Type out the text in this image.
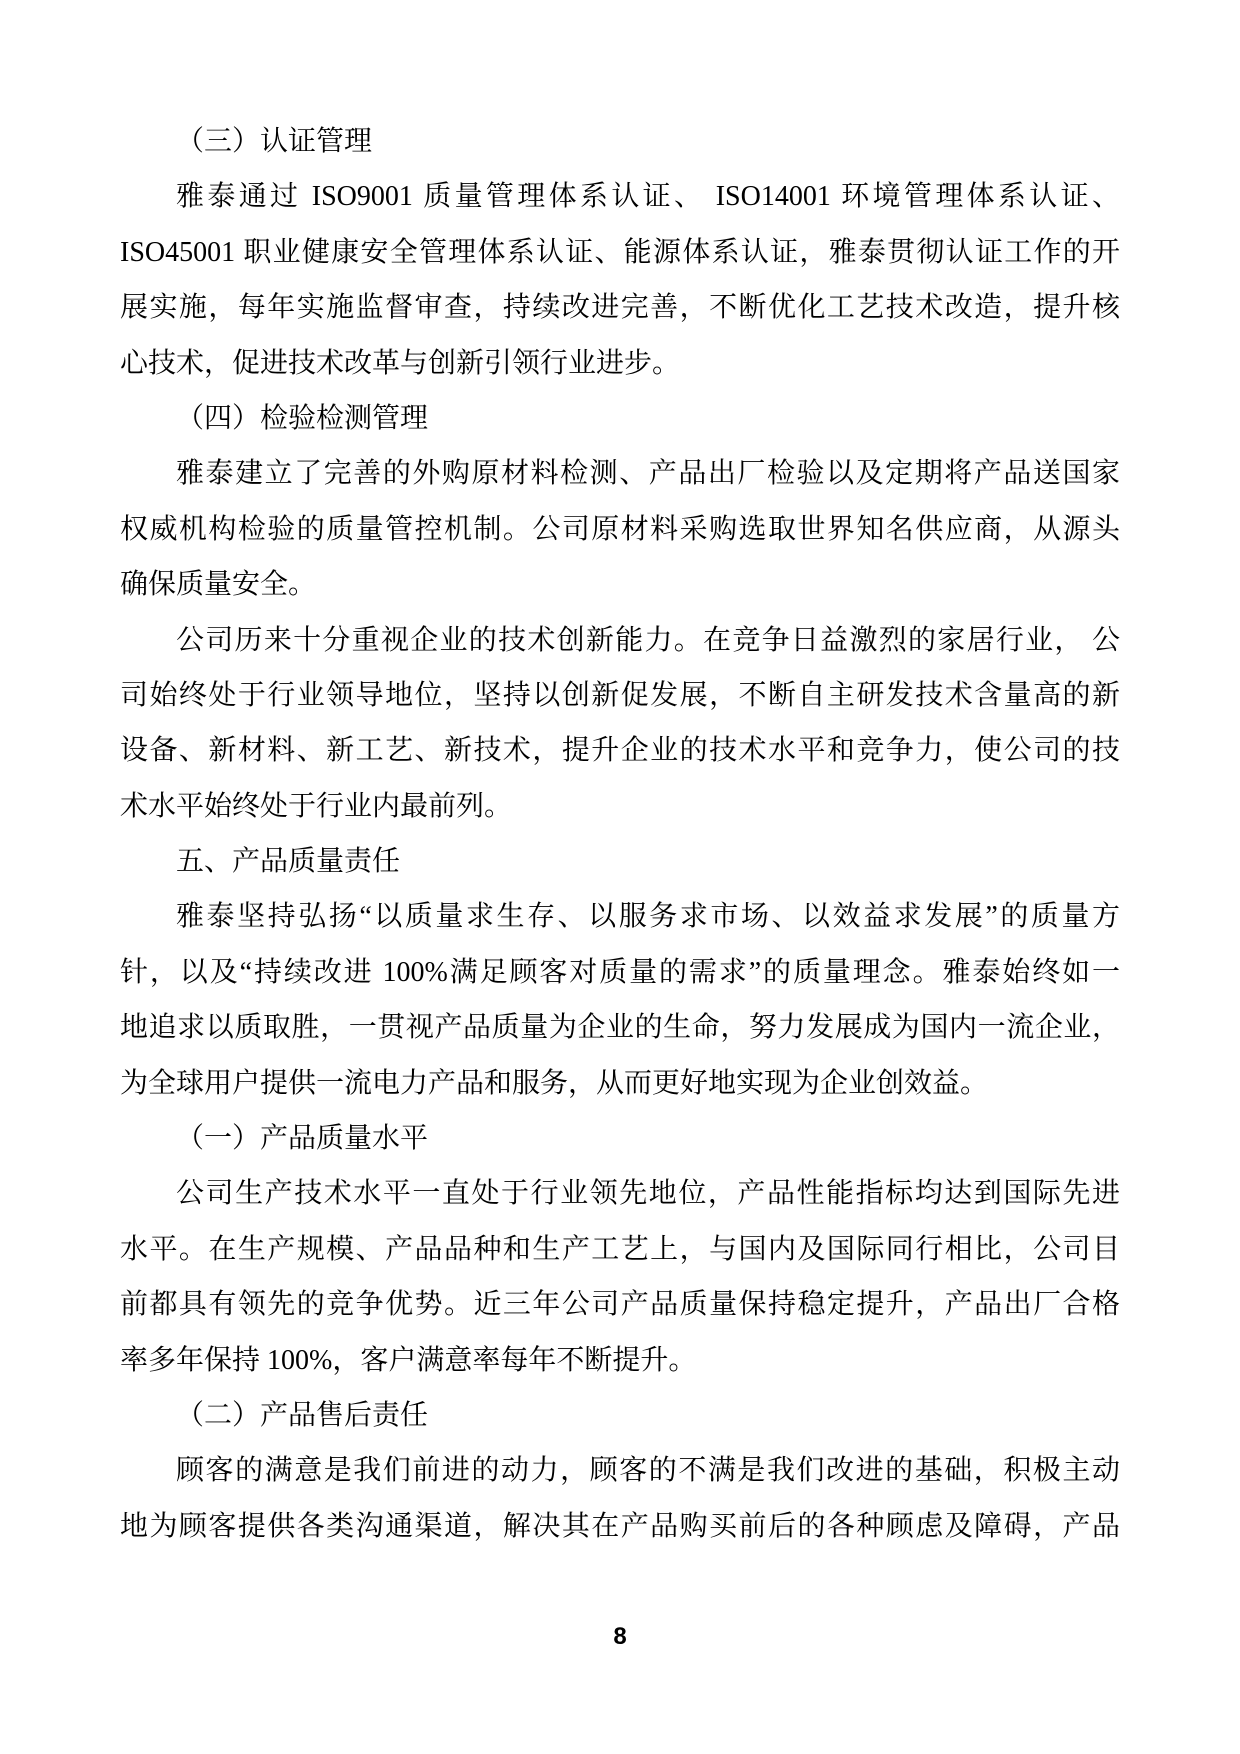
（三）认证管理
雅泰通过 ISO9001 质量管理体系认证、 ISO14001 环境管理体系认证、
ISO45001 职业健康安全管理体系认证、能源体系认证，雅泰贯彻认证工作的开
展实施，每年实施监督审查，持续改进完善，不断优化工艺技术改造，提升核
心技术，促进技术改革与创新引领行业进步。
（四）检验检测管理
雅泰建立了完善的外购原材料检测、产品出厂检验以及定期将产品送国家
权威机构检验的质量管控机制。公司原材料采购选取世界知名供应商，从源头
确保质量安全。
公司历来十分重视企业的技术创新能力。在竞争日益激烈的家居行业， 公
司始终处于行业领导地位，坚持以创新促发展，不断自主研发技术含量高的新
设备、新材料、新工艺、新技术，提升企业的技术水平和竞争力，使公司的技
术水平始终处于行业内最前列。
五、产品质量责任
雅泰坚持弘扬“以质量求生存、以服务求市场、以效益求发展”的质量方
针，以及“持续改进 100%满足顾客对质量的需求”的质量理念。雅泰始终如一
地追求以质取胜，一贯视产品质量为企业的生命，努力发展成为国内一流企业，
为全球用户提供一流电力产品和服务，从而更好地实现为企业创效益。
（一）产品质量水平
公司生产技术水平一直处于行业领先地位，产品性能指标均达到国际先进
水平。在生产规模、产品品种和生产工艺上，与国内及国际同行相比，公司目
前都具有领先的竞争优势。近三年公司产品质量保持稳定提升，产品出厂合格
率多年保持 100%，客户满意率每年不断提升。
（二）产品售后责任
顾客的满意是我们前进的动力，顾客的不满是我们改进的基础，积极主动
地为顾客提供各类沟通渠道，解决其在产品购买前后的各种顾虑及障碍，产品
8
